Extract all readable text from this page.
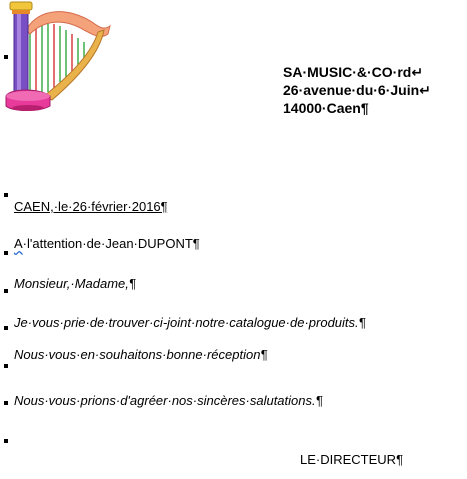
SA·MUSIC·&·CO·rd↵
26·avenue·du·6·Juin↵
14000·Caen¶
CAEN,·le·26·février·2016¶
A·l'attention·de·Jean·DUPONT¶
Monsieur,·Madame,¶
Je·vous·prie·de·trouver·ci-joint·notre·catalogue·de·produits.¶
Nous·vous·en·souhaitons·bonne·réception¶
Nous·vous·prions·d'agréer·nos·sincères·salutations.¶
LE·DIRECTEUR¶
